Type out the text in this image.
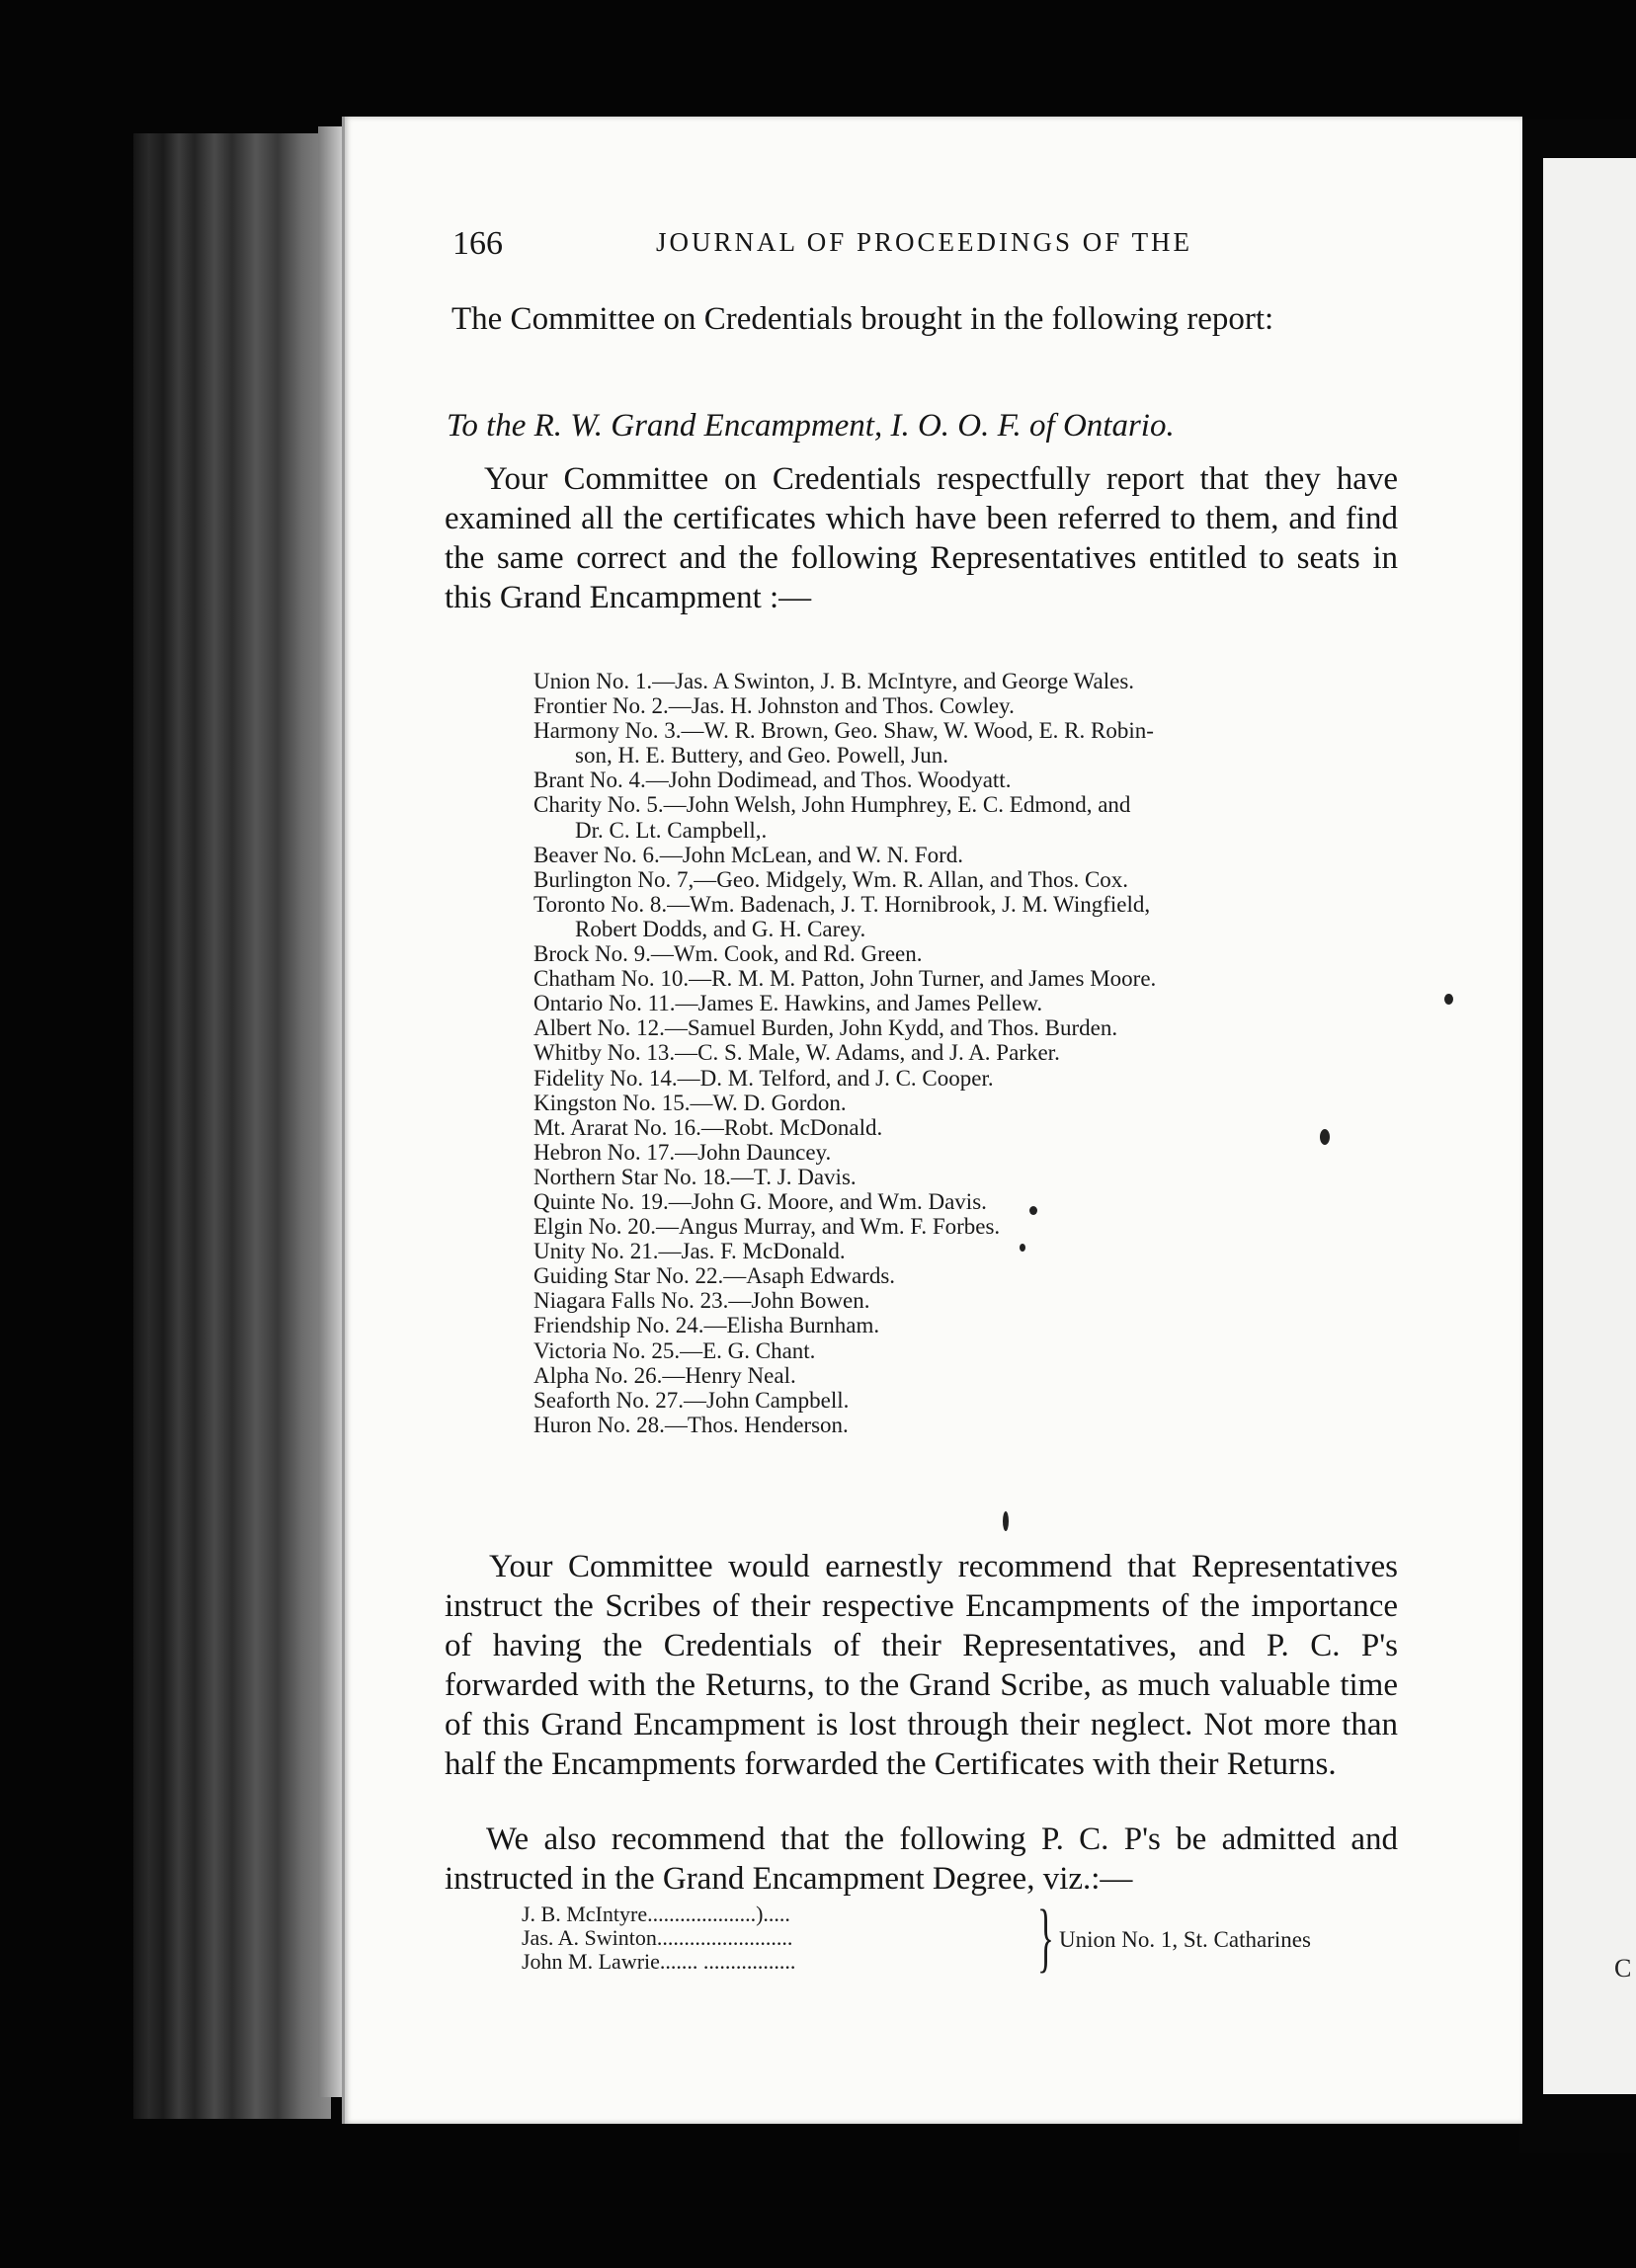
C
166	JOURNAL OF PROCEEDINGS OF THE
The Committee on Credentials brought in the following report:
To the R. W. Grand Encampment, I. O. O. F. of Ontario.
Your Committee on Credentials respectfully report that they have examined all the certificates which have been referred to them, and find the same correct and the following Representatives entitled to seats in this Grand Encampment :—
Union No. 1.—Jas. A Swinton, J. B. McIntyre, and George Wales.
Frontier No. 2.—Jas. H. Johnston and Thos. Cowley.
Harmony No. 3.—W. R. Brown, Geo. Shaw, W. Wood, E. R. Robin-
son, H. E. Buttery, and Geo. Powell, Jun.
Brant No. 4.—John Dodimead, and Thos. Woodyatt.
Charity No. 5.—John Welsh, John Humphrey, E. C. Edmond, and
Dr. C. Lt. Campbell,.
Beaver No. 6.—John McLean, and W. N. Ford.
Burlington No. 7,—Geo. Midgely, Wm. R. Allan, and Thos. Cox.
Toronto No. 8.—Wm. Badenach, J. T. Hornibrook, J. M. Wingfield,
Robert Dodds, and G. H. Carey.
Brock No. 9.—Wm. Cook, and Rd. Green.
Chatham No. 10.—R. M. M. Patton, John Turner, and James Moore.
Ontario No. 11.—James E. Hawkins, and James Pellew.
Albert No. 12.—Samuel Burden, John Kydd, and Thos. Burden.
Whitby No. 13.—C. S. Male, W. Adams, and J. A. Parker.
Fidelity No. 14.—D. M. Telford, and J. C. Cooper.
Kingston No. 15.—W. D. Gordon.
Mt. Ararat No. 16.—Robt. McDonald.
Hebron No. 17.—John Dauncey.
Northern Star No. 18.—T. J. Davis.
Quinte No. 19.—John G. Moore, and Wm. Davis.
Elgin No. 20.—Angus Murray, and Wm. F. Forbes.
Unity No. 21.—Jas. F. McDonald.
Guiding Star No. 22.—Asaph Edwards.
Niagara Falls No. 23.—John Bowen.
Friendship No. 24.—Elisha Burnham.
Victoria No. 25.—E. G. Chant.
Alpha No. 26.—Henry Neal.
Seaforth No. 27.—John Campbell.
Huron No. 28.—Thos. Henderson.
Your Committee would earnestly recommend that Representatives instruct the Scribes of their respective Encampments of the importance of having the Credentials of their Representatives, and P. C. P's forwarded with the Returns, to the Grand Scribe, as much valuable time of this Grand Encampment is lost through their neglect. Not more than half the Encampments forwarded the Certificates with their Returns.
We also recommend that the following P. C. P's be admitted and instructed in the Grand Encampment Degree, viz.:—
J. B. McIntyre....................).....
Jas. A. Swinton.........................
John M. Lawrie....... .................	} Union No. 1, St. Catharines
